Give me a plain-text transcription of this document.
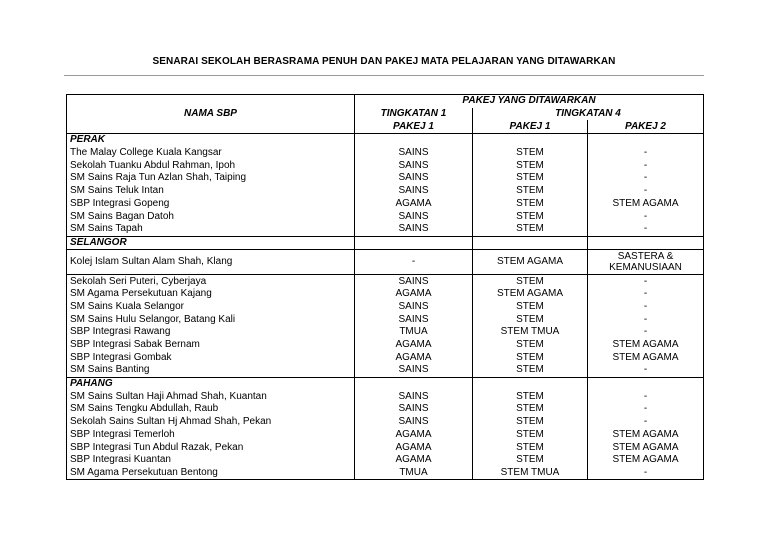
SENARAI SEKOLAH BERASRAMA PENUH DAN PAKEJ MATA PELAJARAN YANG DITAWARKAN
NAMA SBP	PAKEJ YANG DITAWARKAN		
	TINGKATAN 1	TINGKATAN 4	
	PAKEJ 1	PAKEJ 1	PAKEJ 2
PERAK			
The Malay College Kuala Kangsar	SAINS	STEM	-
Sekolah Tuanku Abdul Rahman, Ipoh	SAINS	STEM	-
SM Sains Raja Tun Azlan Shah, Taiping	SAINS	STEM	-
SM Sains Teluk Intan	SAINS	STEM	-
SBP Integrasi Gopeng	AGAMA	STEM	STEM AGAMA
SM Sains Bagan Datoh	SAINS	STEM	-
SM Sains Tapah	SAINS	STEM	-
SELANGOR			
Kolej Islam Sultan Alam Shah, Klang	-	STEM AGAMA	SASTERA & KEMANUSIAAN
Sekolah Seri Puteri, Cyberjaya	SAINS	STEM	-
SM Agama Persekutuan Kajang	AGAMA	STEM AGAMA	-
SM Sains Kuala Selangor	SAINS	STEM	-
SM Sains Hulu Selangor, Batang Kali	SAINS	STEM	-
SBP Integrasi Rawang	TMUA	STEM TMUA	-
SBP Integrasi Sabak Bernam	AGAMA	STEM	STEM AGAMA
SBP Integrasi Gombak	AGAMA	STEM	STEM AGAMA
SM Sains Banting	SAINS	STEM	-
PAHANG			
SM Sains Sultan Haji Ahmad Shah, Kuantan	SAINS	STEM	-
SM Sains Tengku Abdullah, Raub	SAINS	STEM	-
Sekolah Sains Sultan Hj Ahmad Shah, Pekan	SAINS	STEM	-
SBP Integrasi Temerloh	AGAMA	STEM	STEM AGAMA
SBP Integrasi Tun Abdul Razak, Pekan	AGAMA	STEM	STEM AGAMA
SBP Integrasi Kuantan	AGAMA	STEM	STEM AGAMA
SM Agama Persekutuan Bentong	TMUA	STEM TMUA	-
